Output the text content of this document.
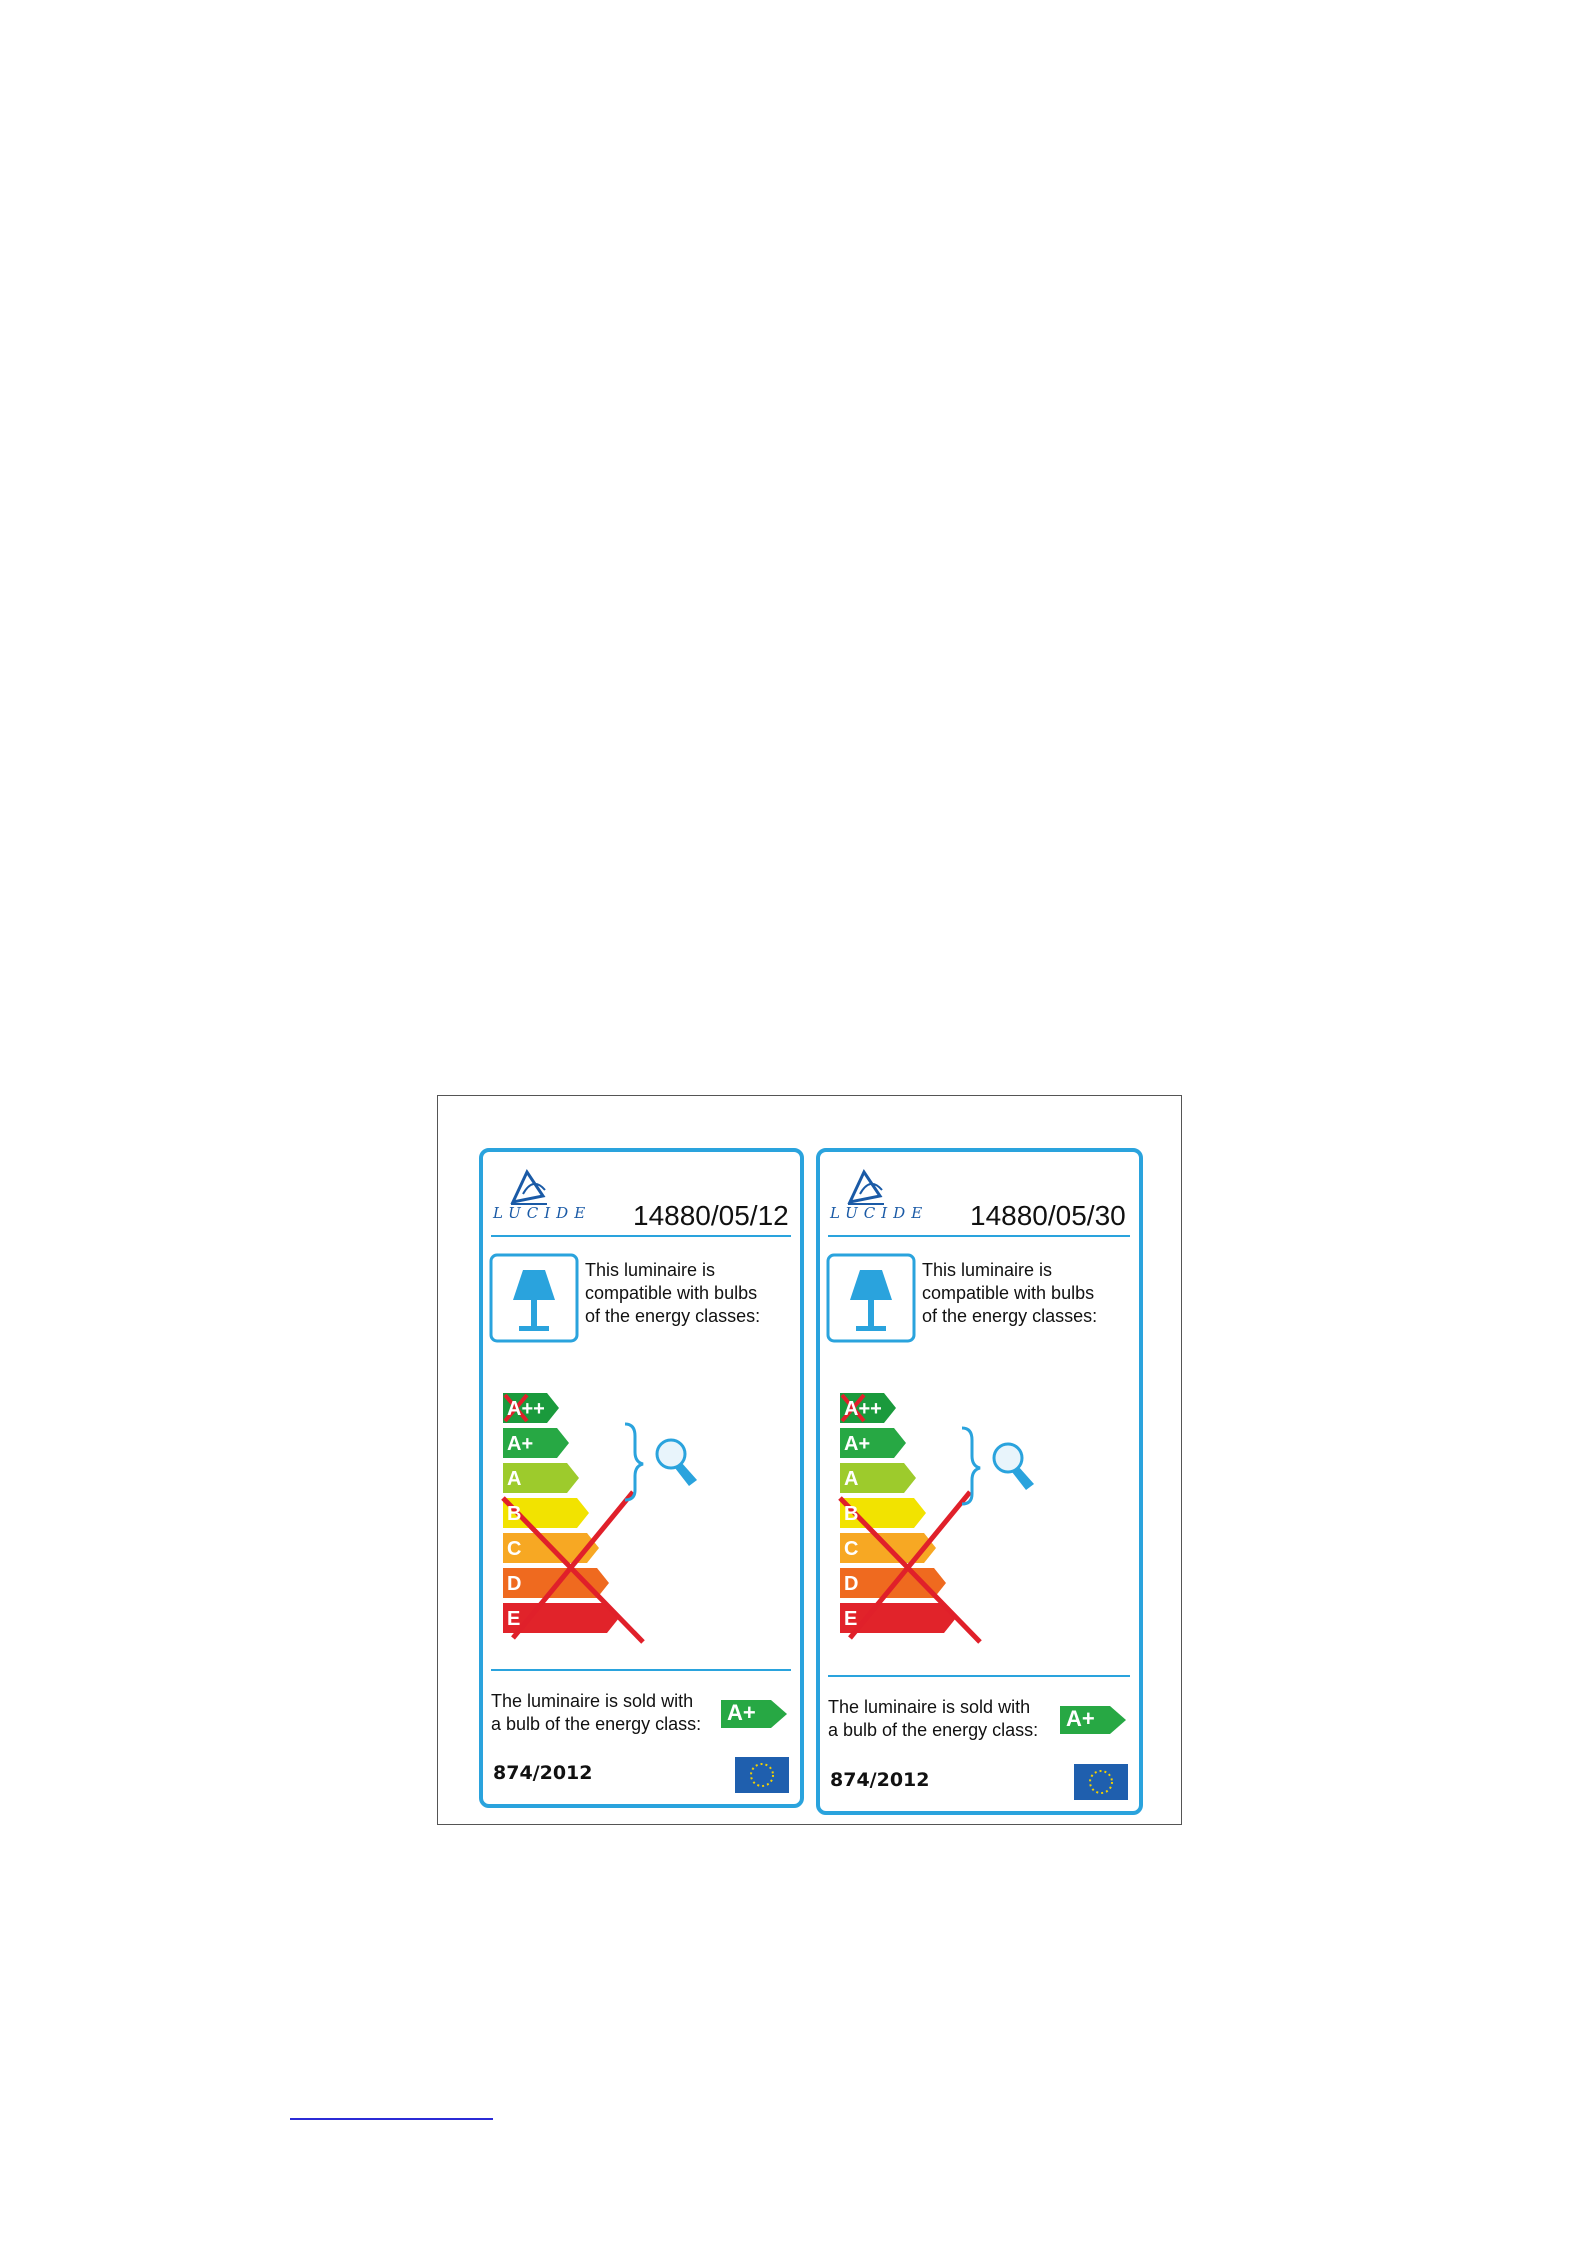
LUCIDE 14880/05/12
This luminaire is
compatible with bulbs
of the energy classes:
A++
A+
A
B
C
D
E
The luminaire is sold with
a bulb of the energy class: A+
874/2012
LUCIDE 14880/05/30
This luminaire is
compatible with bulbs
of the energy classes:
A++
A+
A
B
C
D
E
The luminaire is sold with
a bulb of the energy class: A+
874/2012
